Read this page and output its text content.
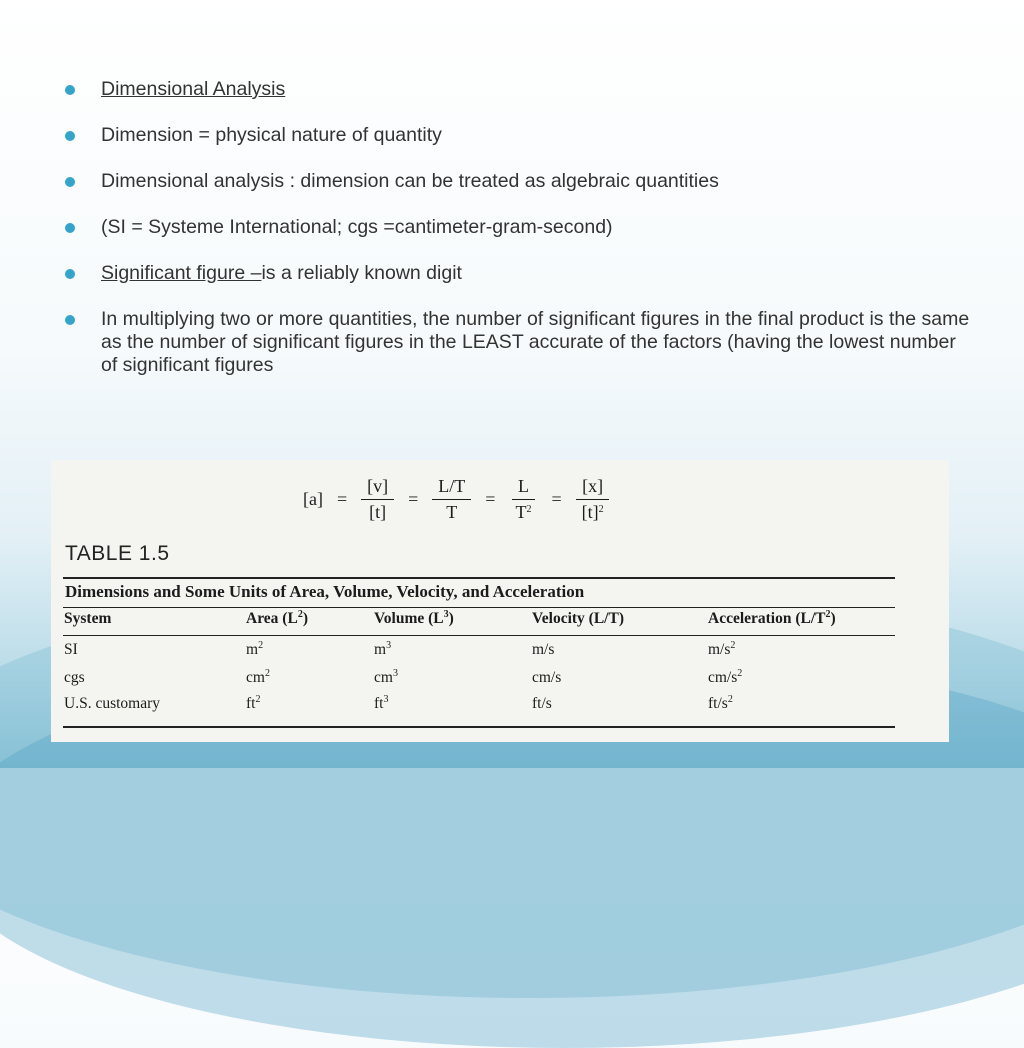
Dimensional Analysis
Dimension = physical nature of quantity
Dimensional analysis : dimension can be treated as algebraic quantities
(SI = Systeme International; cgs =cantimeter-gram-second)
Significant figure –is a reliably known digit
In multiplying two or more quantities, the number of significant figures in the final product is the same as the number of significant figures in the LEAST accurate of the factors (having the lowest number of significant figures
$[a] = \frac{[v]}{[t]} = \frac{L/T}{T} = \frac{L}{T^2} = \frac{[x]}{[t]^2}$
TABLE 1.5
Dimensions and Some Units of Area, Volume, Velocity, and Acceleration
System	Area $(L^2)$	Volume $(L^3)$	Velocity (L/T)	Acceleration $(L/T^2)$
SI	$m^2$	$m^3$	m/s	$m/s^2$
cgs	$cm^2$	$cm^3$	cm/s	$cm/s^2$
U.S. customary	$ft^2$	$ft^3$	ft/s	$ft/s^2$
